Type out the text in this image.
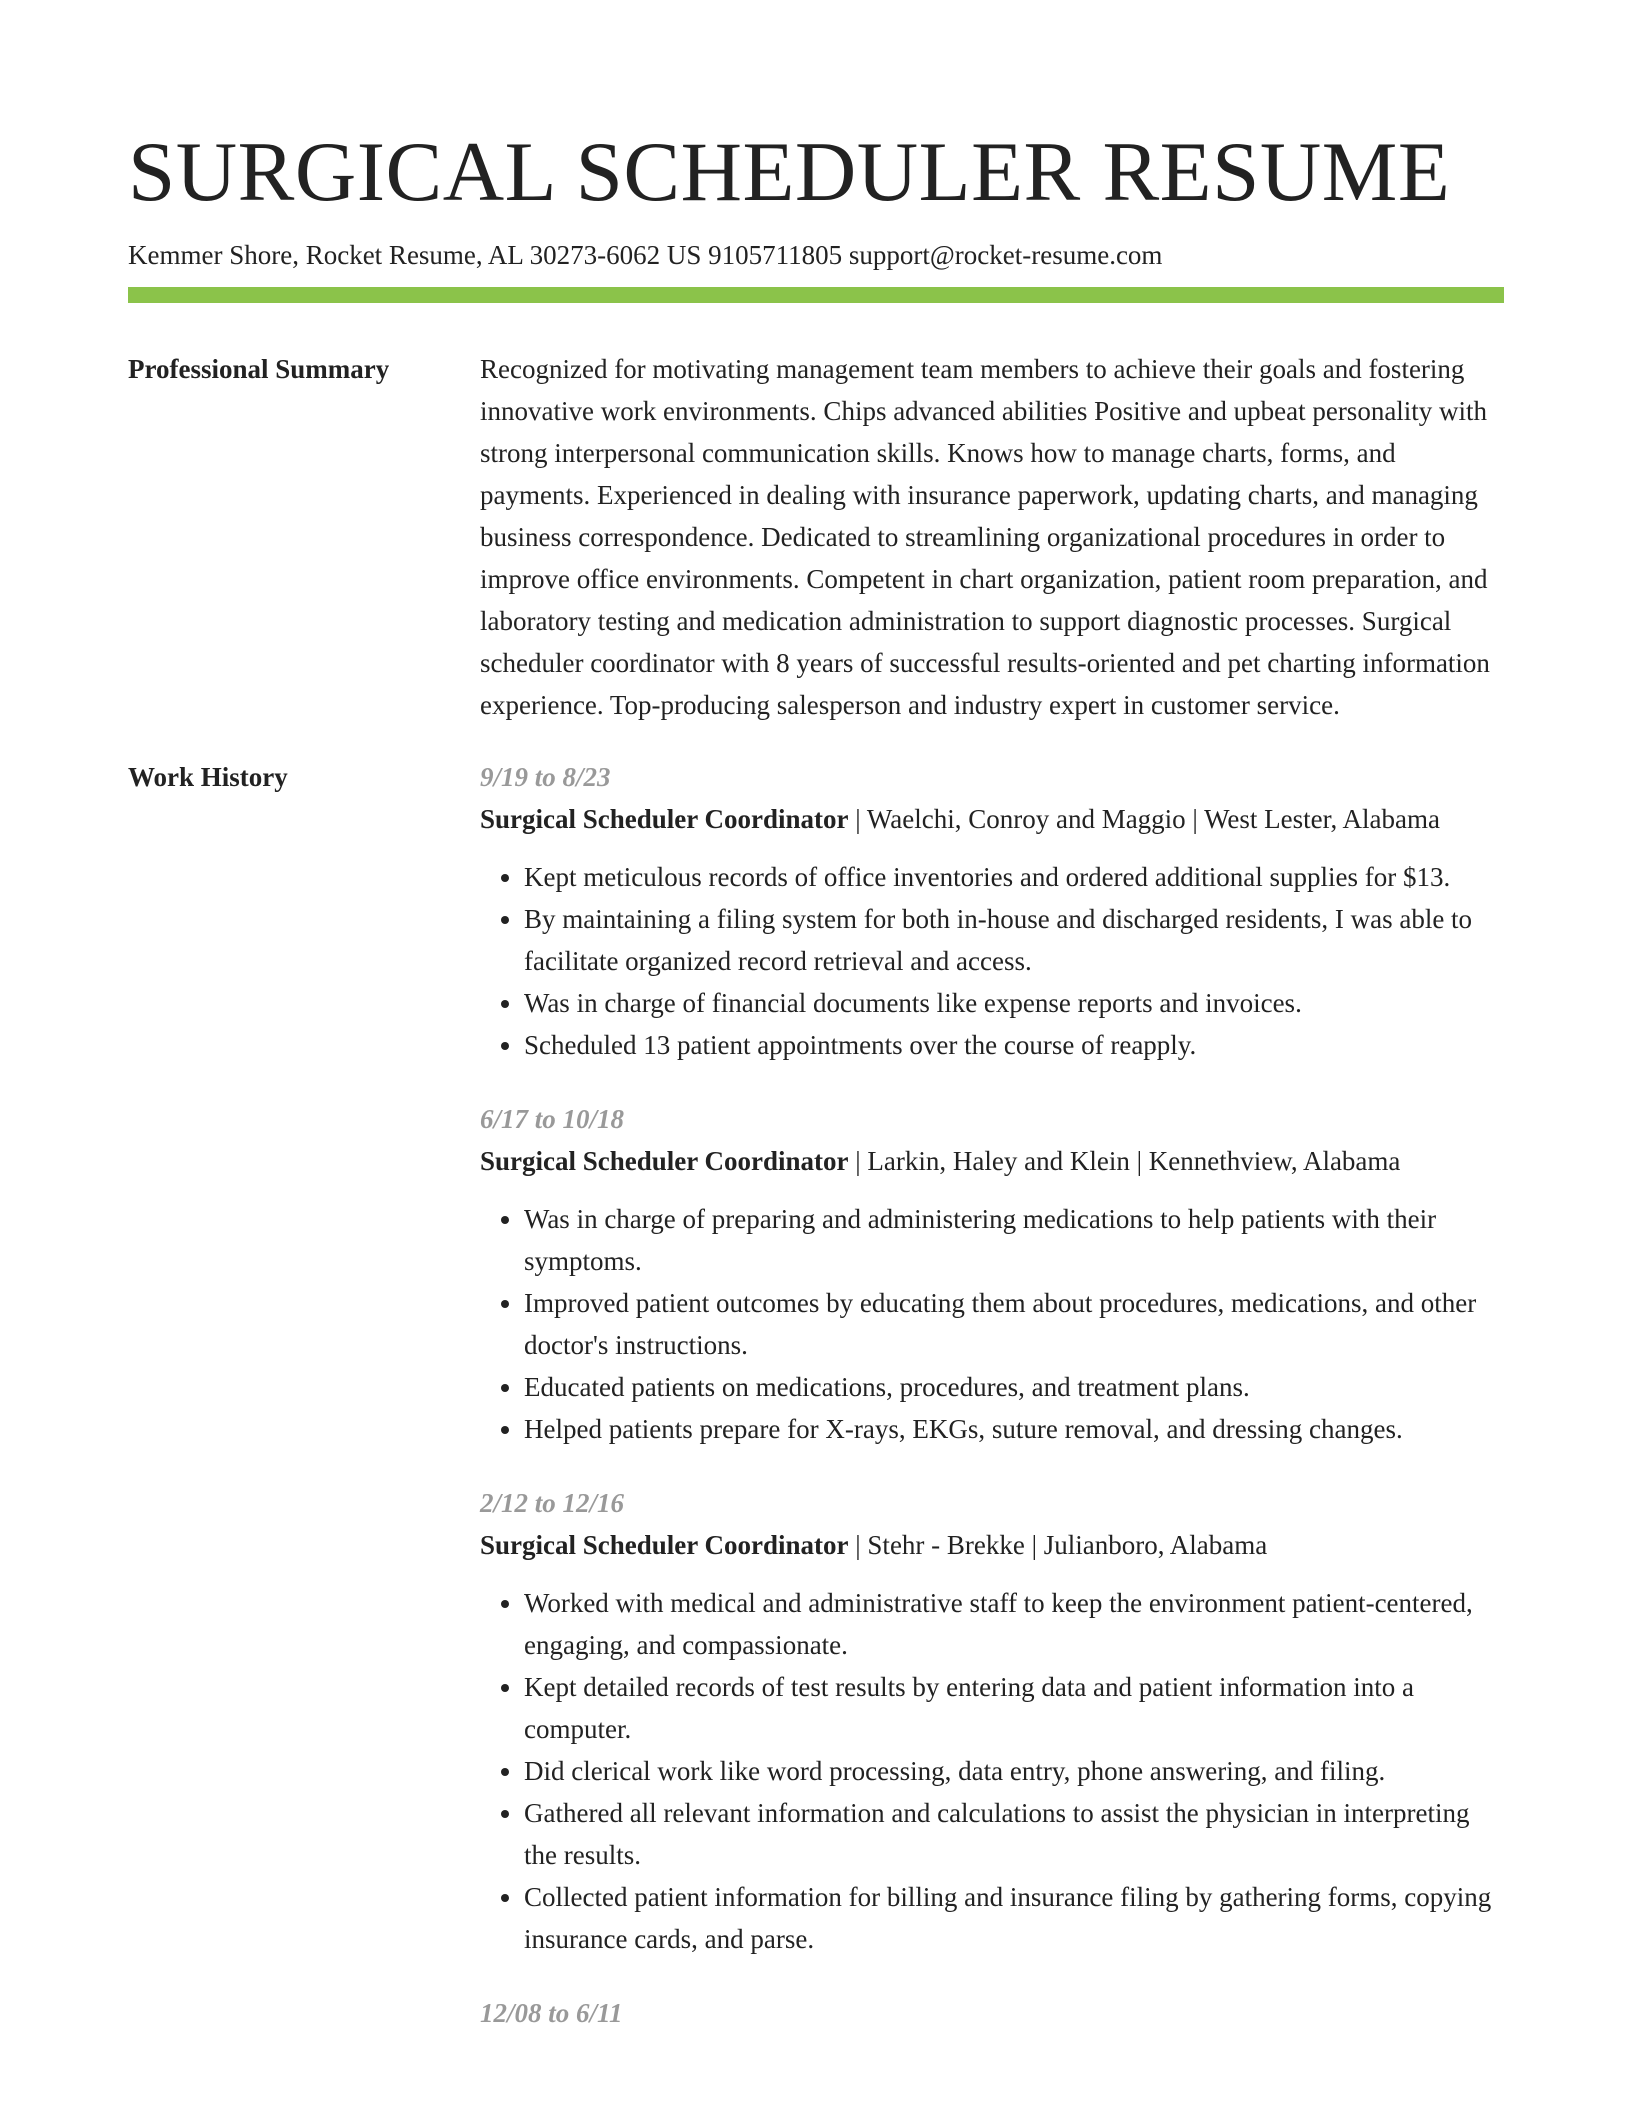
SURGICAL SCHEDULER RESUME
Kemmer Shore, Rocket Resume, AL 30273-6062 US 9105711805 support@rocket-resume.com
Professional Summary	Recognized for motivating management team members to achieve their goals and fostering innovative work environments. Chips advanced abilities Positive and upbeat personality with strong interpersonal communication skills. Knows how to manage charts, forms, and payments. Experienced in dealing with insurance paperwork, updating charts, and managing business correspondence. Dedicated to streamlining organizational procedures in order to improve office environments. Competent in chart organization, patient room preparation, and laboratory testing and medication administration to support diagnostic processes. Surgical scheduler coordinator with 8 years of successful results-oriented and pet charting information experience. Top-producing salesperson and industry expert in customer service.
Work History	9/19 to 8/23
Surgical Scheduler Coordinator | Waelchi, Conroy and Maggio | West Lester, Alabama
• Kept meticulous records of office inventories and ordered additional supplies for $13.
• By maintaining a filing system for both in-house and discharged residents, I was able to facilitate organized record retrieval and access.
• Was in charge of financial documents like expense reports and invoices.
• Scheduled 13 patient appointments over the course of reapply.
6/17 to 10/18
Surgical Scheduler Coordinator | Larkin, Haley and Klein | Kennethview, Alabama
• Was in charge of preparing and administering medications to help patients with their symptoms.
• Improved patient outcomes by educating them about procedures, medications, and other doctor's instructions.
• Educated patients on medications, procedures, and treatment plans.
• Helped patients prepare for X-rays, EKGs, suture removal, and dressing changes.
2/12 to 12/16
Surgical Scheduler Coordinator | Stehr - Brekke | Julianboro, Alabama
• Worked with medical and administrative staff to keep the environment patient-centered, engaging, and compassionate.
• Kept detailed records of test results by entering data and patient information into a computer.
• Did clerical work like word processing, data entry, phone answering, and filing.
• Gathered all relevant information and calculations to assist the physician in interpreting the results.
• Collected patient information for billing and insurance filing by gathering forms, copying insurance cards, and parse.
12/08 to 6/11
